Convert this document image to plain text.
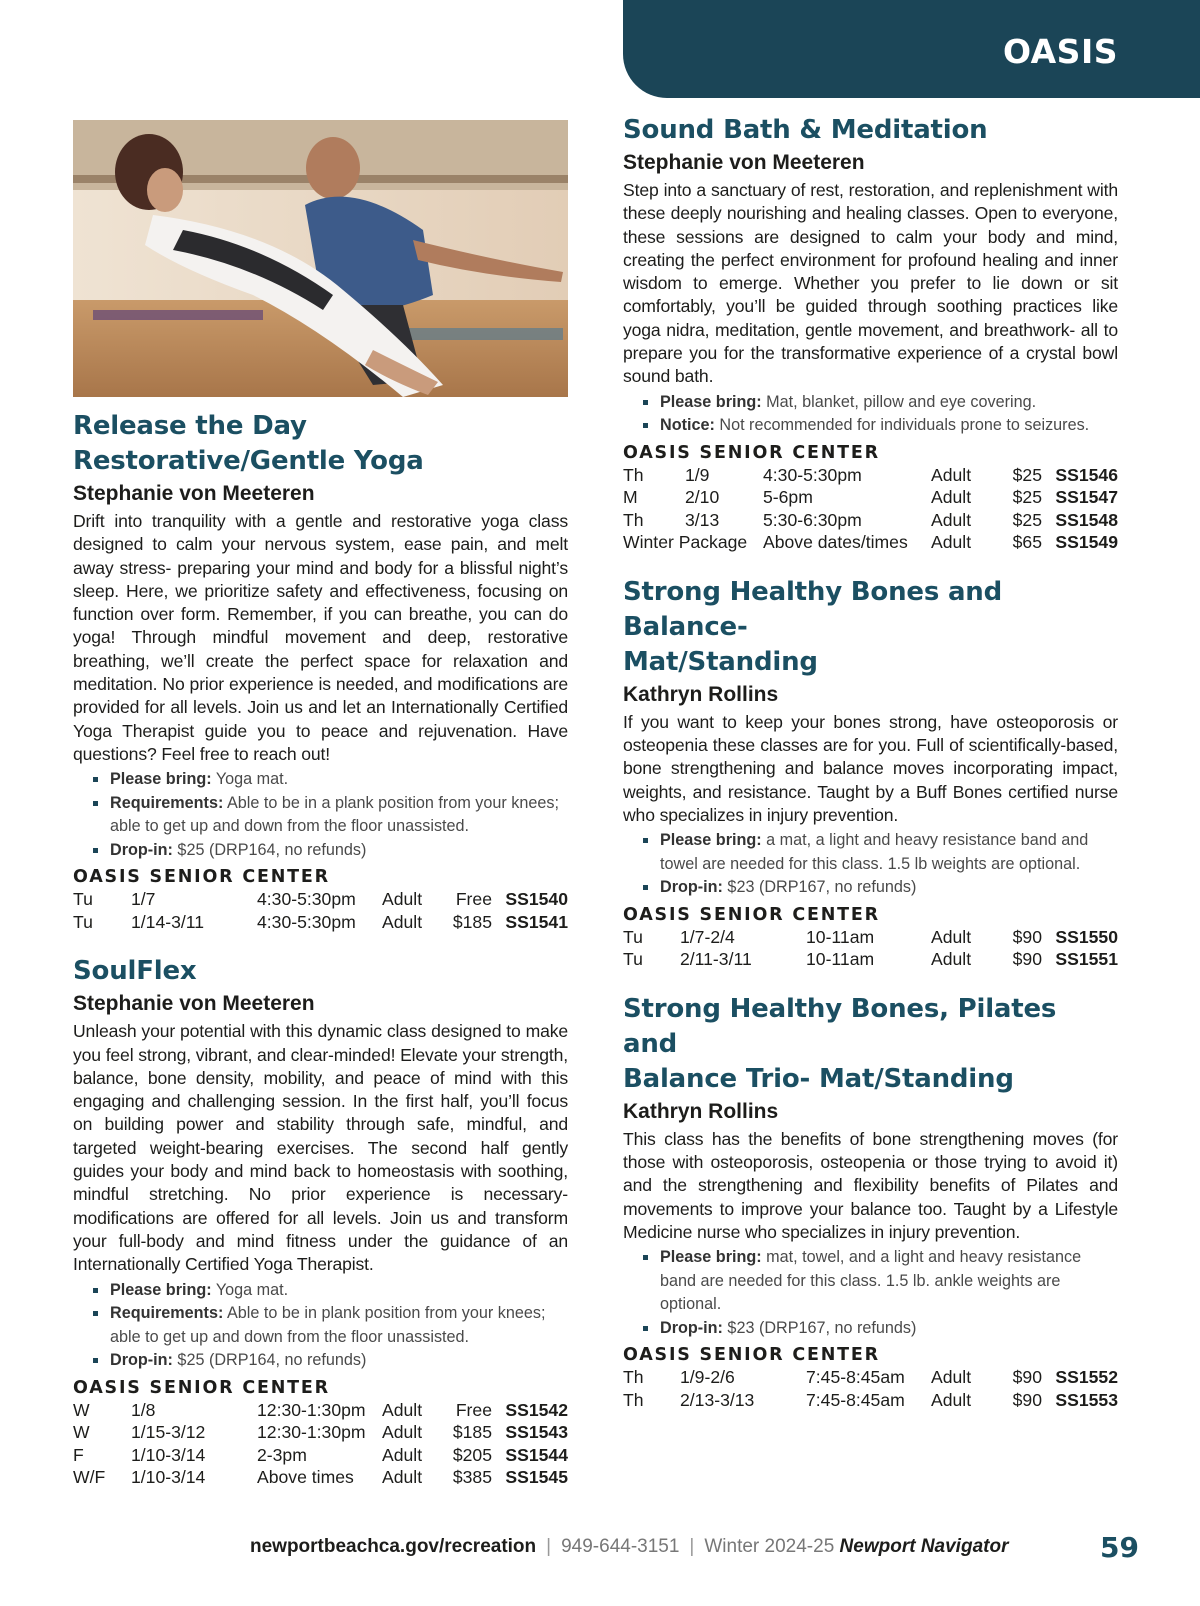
OASIS
Release the Day
Restorative/Gentle Yoga
Stephanie von Meeteren

Drift into tranquility with a gentle and restorative yoga class designed to calm your nervous system, ease pain, and melt away stress- preparing your mind and body for a blissful night’s sleep. Here, we prioritize safety and effectiveness, focusing on function over form. Remember, if you can breathe, you can do yoga! Through mindful movement and deep, restorative breathing, we’ll create the perfect space for relaxation and meditation. No prior experience is needed, and modifications are provided for all levels. Join us and let an Internationally Certified Yoga Therapist guide you to peace and rejuvenation. Have questions? Feel free to reach out!

Please bring: Yoga mat.
Requirements: Able to be in a plank position from your knees; able to get up and down from the floor unassisted.
Drop-in: $25 (DRP164, no refunds)
OASIS SENIOR CENTER
Tu 1/7	4:30-5:30pm Adult Free SS1540
Tu 1/14-3/11	4:30-5:30pm Adult $185 SS1541
SoulFlex
Stephanie von Meeteren

Unleash your potential with this dynamic class designed to make you feel strong, vibrant, and clear-minded! Elevate your strength, balance, bone density, mobility, and peace of mind with this engaging and challenging session. In the first half, you’ll focus on building power and stability through safe, mindful, and targeted weight-bearing exercises. The second half gently guides your body and mind back to homeostasis with soothing, mindful stretching. No prior experience is necessary- modifications are offered for all levels. Join us and transform your full-body and mind fitness under the guidance of an Internationally Certified Yoga Therapist.

Please bring: Yoga mat.
Requirements: Able to be in plank position from your knees; able to get up and down from the floor unassisted.
Drop-in: $25 (DRP164, no refunds)
OASIS SENIOR CENTER
W 1/8	12:30-1:30pm Adult Free SS1542
W 1/15-3/12	12:30-1:30pm Adult $185 SS1543
F	1/10-3/14	2-3pm	Adult $205 SS1544
W/F 1/10-3/14	Above times Adult $385 SS1545
Sound Bath & Meditation
Stephanie von Meeteren

Step into a sanctuary of rest, restoration, and replenishment with these deeply nourishing and healing classes. Open to everyone, these sessions are designed to calm your body and mind, creating the perfect environment for profound healing and inner wisdom to emerge. Whether you prefer to lie down or sit comfortably, you’ll be guided through soothing practices like yoga nidra, meditation, gentle movement, and breathwork- all to prepare you for the transformative experience of a crystal bowl sound bath.

Please bring: Mat, blanket, pillow and eye covering.
Notice: Not recommended for individuals prone to seizures.
OASIS SENIOR CENTER
Th 1/9	4:30-5:30pm	Adult $25 SS1546
M	2/10 5-6pm	Adult $25 SS1547
Th 3/13 5:30-6:30pm	Adult $25 SS1548
Winter Package Above dates/times Adult $65 SS1549
Strong Healthy Bones and Balance-
Mat/Standing
Kathryn Rollins

If you want to keep your bones strong, have osteoporosis or osteopenia these classes are for you. Full of scientifically-based, bone strengthening and balance moves incorporating impact, weights, and resistance. Taught by a Buff Bones certified nurse who specializes in injury prevention.

Please bring: a mat, a light and heavy resistance band and towel are needed for this class. 1.5 lb weights are optional.
Drop-in: $23 (DRP167, no refunds)
OASIS SENIOR CENTER
Tu 1/7-2/4	10-11am	Adult $90 SS1550
Tu 2/11-3/11	10-11am	Adult $90 SS1551
Strong Healthy Bones, Pilates and
Balance Trio- Mat/Standing
Kathryn Rollins

This class has the benefits of bone strengthening moves (for those with osteoporosis, osteopenia or those trying to avoid it) and the strengthening and flexibility benefits of Pilates and movements to improve your balance too. Taught by a Lifestyle Medicine nurse who specializes in injury prevention.

Please bring: mat, towel, and a light and heavy resistance band are needed for this class. 1.5 lb. ankle weights are optional.
Drop-in: $23 (DRP167, no refunds)
OASIS SENIOR CENTER
Th 1/9-2/6	7:45-8:45am Adult $90 SS1552
Th 2/13-3/13	7:45-8:45am Adult $90 SS1553
newportbeachca.gov/recreation | 949-644-3151 | Winter 2024-25 Newport Navigator	59
